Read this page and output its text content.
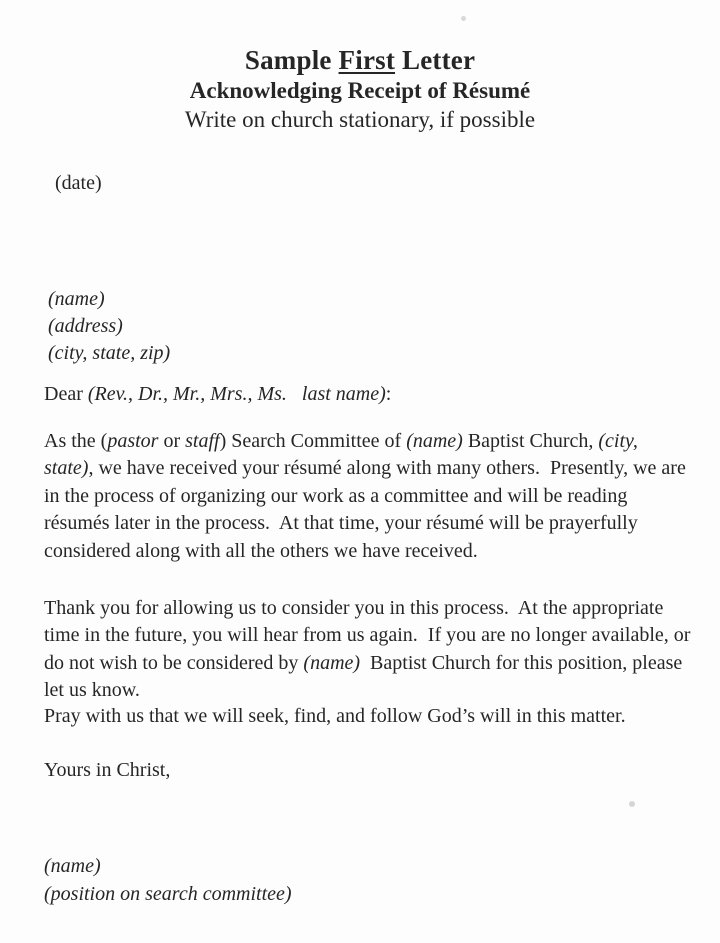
Sample First Letter
Acknowledging Receipt of Résumé
Write on church stationary, if possible
(date)
(name)
(address)
(city, state, zip)
Dear (Rev., Dr., Mr., Mrs., Ms.   last name):
As the (pastor or staff) Search Committee of (name) Baptist Church, (city, state), we have received your résumé along with many others.  Presently, we are in the process of organizing our work as a committee and will be reading résumés later in the process.  At that time, your résumé will be prayerfully considered along with all the others we have received.
Thank you for allowing us to consider you in this process.  At the appropriate time in the future, you will hear from us again.  If you are no longer available, or do not wish to be considered by (name)  Baptist Church for this position, please let us know.
Pray with us that we will seek, find, and follow God’s will in this matter.
Yours in Christ,
(name)
(position on search committee)
